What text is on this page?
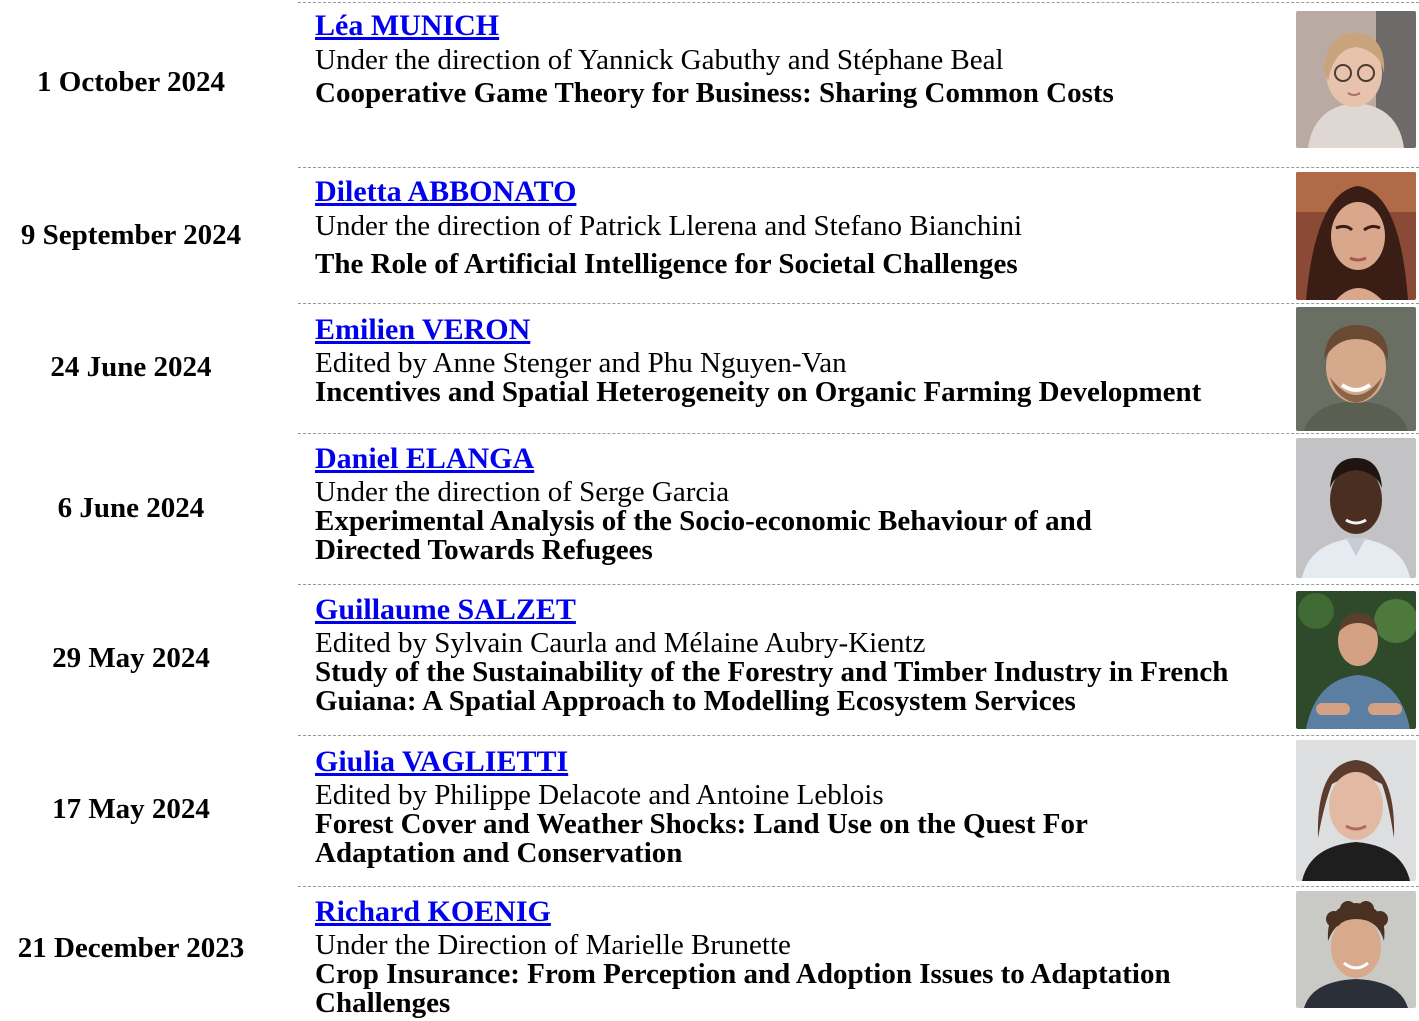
1 October 2024
Léa MUNICH
Under the direction of Yannick Gabuthy and Stéphane Beal
Cooperative Game Theory for Business: Sharing Common Costs
9 September 2024
Diletta ABBONATO
Under the direction of Patrick Llerena and Stefano Bianchini
The Role of Artificial Intelligence for Societal Challenges
24 June 2024
Emilien VERON
Edited by Anne Stenger and Phu Nguyen-Van
Incentives and Spatial Heterogeneity on Organic Farming Development
6 June 2024
Daniel ELANGA
Under the direction of Serge Garcia
Experimental Analysis of the Socio-economic Behaviour of and Directed Towards Refugees
29 May 2024
Guillaume SALZET
Edited by Sylvain Caurla and Mélaine Aubry-Kientz
Study of the Sustainability of the Forestry and Timber Industry in French Guiana: A Spatial Approach to Modelling Ecosystem Services
17 May 2024
Giulia VAGLIETTI
Edited by Philippe Delacote and Antoine Leblois
Forest Cover and Weather Shocks: Land Use on the Quest For Adaptation and Conservation
21 December 2023
Richard KOENIG
Under the Direction of Marielle Brunette
Crop Insurance: From Perception and Adoption Issues to Adaptation Challenges
